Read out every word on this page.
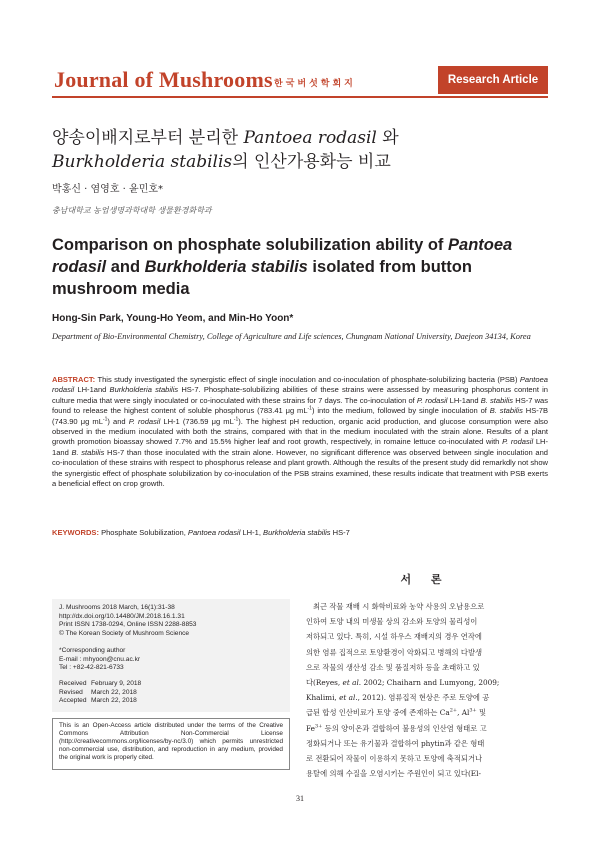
Journal of Mushrooms 한국버섯학회지	Research Article
양송이배지로부터 분리한 Pantoea rodasil 와
Burkholderia stabilis의 인산가용화능 비교
박홍신 · 염영호 · 윤민호*
충남대학교 농업생명과학대학 생물환경화학과
Comparison on phosphate solubilization ability of Pantoea rodasil and Burkholderia stabilis isolated from button mushroom media
Hong-Sin Park, Young-Ho Yeom, and Min-Ho Yoon*
Department of Bio-Environmental Chemistry, College of Agriculture and Life sciences, Chungnam National University, Daejeon 34134, Korea
ABSTRACT: This study investigated the synergistic effect of single inoculation and co-inoculation of phosphate-solubilizing bacteria (PSB) Pantoea rodasil LH-1and Burkholderia stabilis HS-7. Phosphate-solubilizing abilities of these strains were assessed by measuring phosphorus content in culture media that were singly inoculated or co-inoculated with these strains for 7 days. The co-inoculation of P. rodasil LH-1and B. stabilis HS-7 was found to release the highest content of soluble phosphorus (783.41 μg $mL^{-1}$) into the medium, followed by single inoculation of B. stabilis HS-7B (743.90 μg $mL^{-1}$) and P. rodasil LH-1 (736.59 μg $mL^{-1}$). The highest pH reduction, organic acid production, and glucose consumption were also observed in the medium inoculated with both the strains, compared with that in the medium inoculated with the strain alone. Results of a plant growth promotion bioassay showed 7.7% and 15.5% higher leaf and root growth, respectively, in romaine lettuce co-inoculated with P. rodasil LH-1and B. stabilis HS-7 than those inoculated with the strain alone. However, no significant difference was observed between single inoculation and co-inoculation of these strains with respect to phosphorus release and plant growth. Although the results of the present study did remarkdly not show the synergistic effect of phosphate solubilization by co-inoculation of the PSB strains examined, these results indicate that treatment with PSB exerts a beneficial effect on crop growth.
KEYWORDS: Phosphate Solubilization, Pantoea rodasil LH-1, Burkholderia stabilis HS-7
서 론
J. Mushrooms 2018 March, 16(1):31-38
http://dx.doi.org/10.14480/JM.2018.16.1.31
Print ISSN 1738-0294, Online ISSN 2288-8853
© The Korean Society of Mushroom Science
*Corresponding author
E-mail : mhyoon@cnu.ac.kr
Tel : +82-42-821-6733
Received February 9, 2018
Revised March 22, 2018
Accepted March 22, 2018
This is an Open-Access article distributed under the terms of the Creative Commons Attribution Non-Commercial License (http://creativecommons.org/licenses/by-nc/3.0) which permits unrestricted non-commercial use, distribution, and reproduction in any medium, provided the original work is properly cited.
최근 작물 재배 시 화학비료와 농약 사용의 오남용으로
인하여 토양 내의 미생물 상의 감소와 토양의 물리성이
저하되고 있다. 특히, 시설 하우스 재배지의 경우 연작에
의한 염류 집적으로 토양환경이 악화되고 병해의 다발생
으로 작물의 생산성 감소 및 품질저하 등을 초래하고 있
다(Reyes, et al. 2002; Chaiharn and Lumyong, 2009;
Khalimi, et al., 2012). 염류집적 현상은 주로 토양에 공
급된 합성 인산비료가 토양 중에 존재하는 $Ca^{2+}$, $Al^{3+}$ 및
$Fe^{3+}$ 등의 양이온과 결합하여 불용성의 인산염 형태로 고
정화되거나 또는 유기물과 결합하여 phytin과 같은 형태
로 전환되어 작물이 이용하지 못하고 토양에 축적되거나
용탈에 의해 수질을 오염시키는 주원인이 되고 있다(El-
31
